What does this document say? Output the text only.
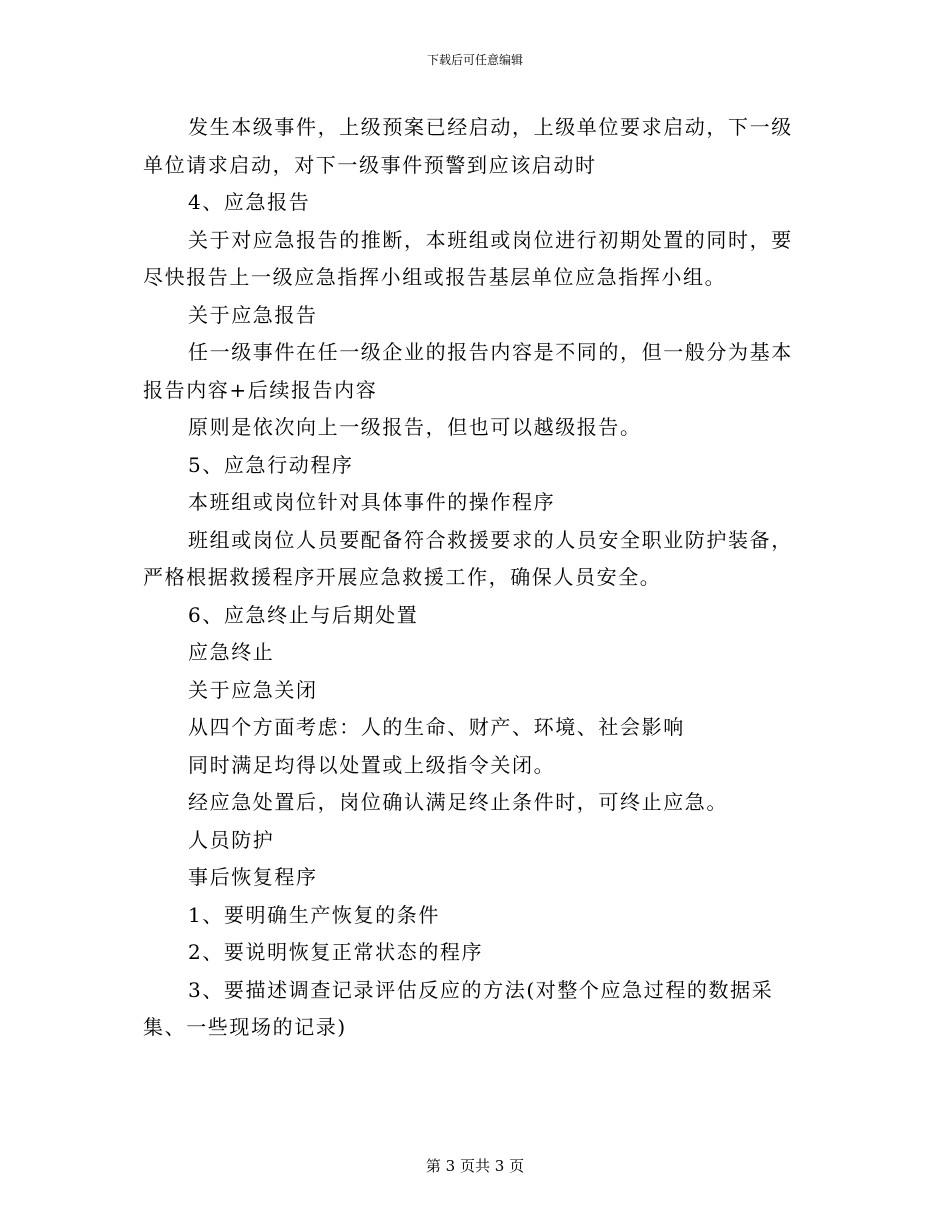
下载后可任意编辑

发生本级事件，上级预案已经启动，上级单位要求启动，下一级单位请求启动，对下一级事件预警到应该启动时

4、应急报告

关于对应急报告的推断，本班组或岗位进行初期处置的同时，要尽快报告上一级应急指挥小组或报告基层单位应急指挥小组。

关于应急报告

任一级事件在任一级企业的报告内容是不同的，但一般分为基本报告内容+后续报告内容

原则是依次向上一级报告，但也可以越级报告。

5、应急行动程序

本班组或岗位针对具体事件的操作程序

班组或岗位人员要配备符合救援要求的人员安全职业防护装备，严格根据救援程序开展应急救援工作，确保人员安全。

6、应急终止与后期处置

应急终止

关于应急关闭

从四个方面考虑：人的生命、财产、环境、社会影响

同时满足均得以处置或上级指令关闭。

经应急处置后，岗位确认满足终止条件时，可终止应急。

人员防护

事后恢复程序

1、要明确生产恢复的条件

2、要说明恢复正常状态的程序

3、要描述调查记录评估反应的方法(对整个应急过程的数据采集、一些现场的记录)

第 3 页共 3 页
